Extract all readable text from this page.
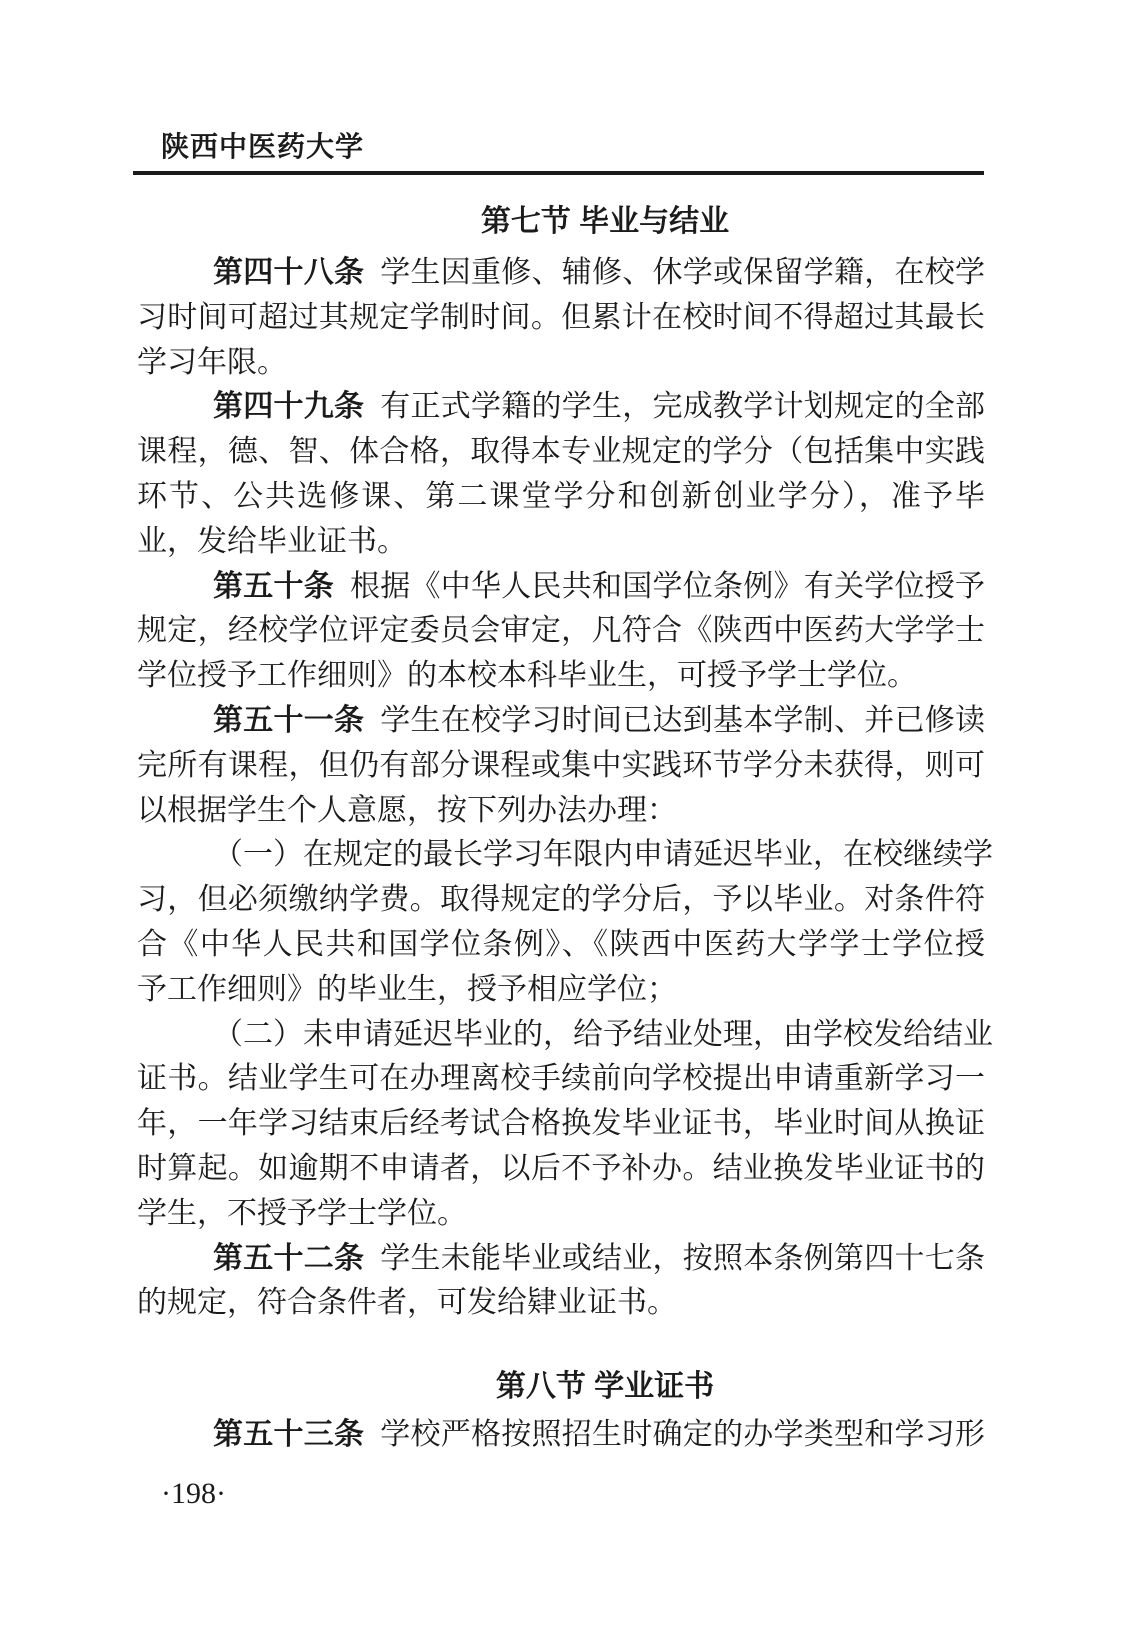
陕西中医药大学
第七节 毕业与结业
第四十八条 学生因重修、辅修、休学或保留学籍，在校学
习时间可超过其规定学制时间。但累计在校时间不得超过其最长
学习年限。
第四十九条 有正式学籍的学生，完成教学计划规定的全部
课程，德、智、体合格，取得本专业规定的学分（包括集中实践
环节、公共选修课、第二课堂学分和创新创业学分），准予毕
业，发给毕业证书。
第五十条 根据《中华人民共和国学位条例》有关学位授予
规定，经校学位评定委员会审定，凡符合《陕西中医药大学学士
学位授予工作细则》的本校本科毕业生，可授予学士学位。
第五十一条 学生在校学习时间已达到基本学制、并已修读
完所有课程，但仍有部分课程或集中实践环节学分未获得，则可
以根据学生个人意愿，按下列办法办理：
（一）在规定的最长学习年限内申请延迟毕业，在校继续学
习，但必须缴纳学费。取得规定的学分后，予以毕业。对条件符
合《中华人民共和国学位条例》、《陕西中医药大学学士学位授
予工作细则》的毕业生，授予相应学位；
（二）未申请延迟毕业的，给予结业处理，由学校发给结业
证书。结业学生可在办理离校手续前向学校提出申请重新学习一
年，一年学习结束后经考试合格换发毕业证书，毕业时间从换证
时算起。如逾期不申请者，以后不予补办。结业换发毕业证书的
学生，不授予学士学位。
第五十二条 学生未能毕业或结业，按照本条例第四十七条
的规定，符合条件者，可发给肄业证书。
第八节 学业证书
第五十三条 学校严格按照招生时确定的办学类型和学习形
·198·
